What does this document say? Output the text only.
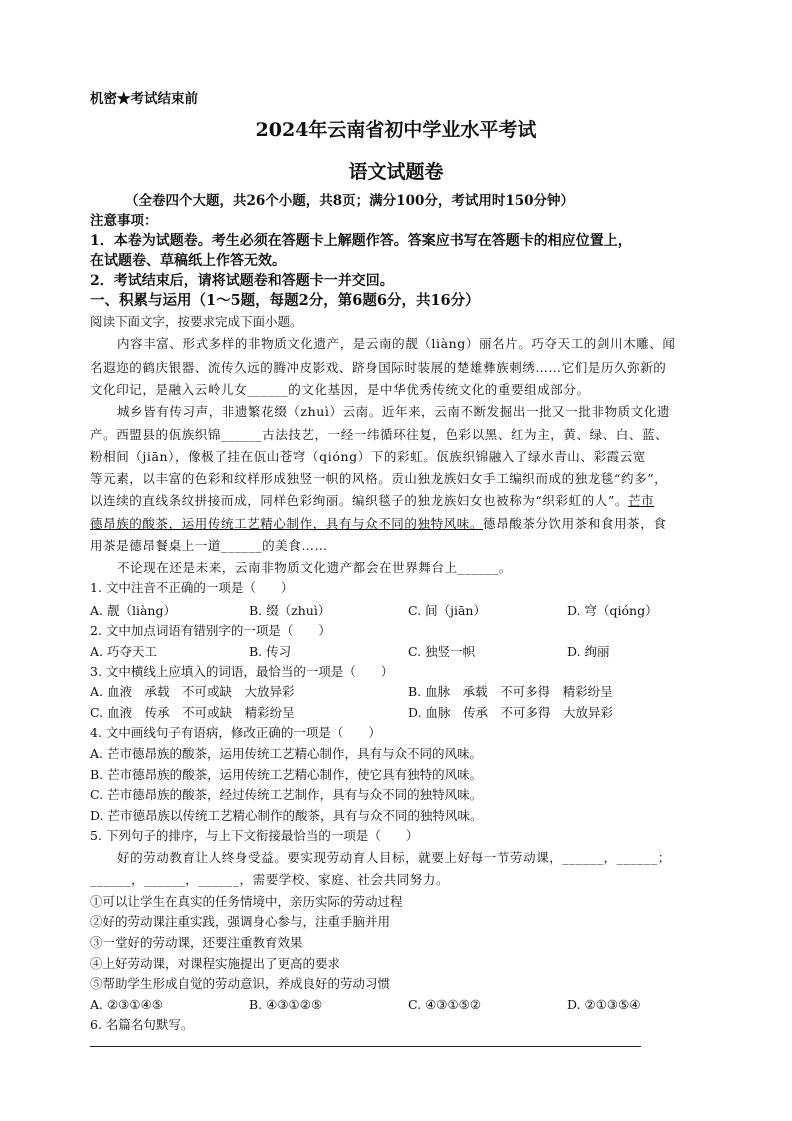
机密★考试结束前
2024年云南省初中学业水平考试
语文试题卷
（全卷四个大题，共26个小题，共8页；满分100分，考试用时150分钟）
注意事项：
1．本卷为试题卷。考生必须在答题卡上解题作答。答案应书写在答题卡的相应位置上，
在试题卷、草稿纸上作答无效。
2．考试结束后，请将试题卷和答题卡一并交回。
一、积累与运用（1～5题，每题2分，第6题6分，共16分）
阅读下面文字，按要求完成下面小题。
内容丰富、形式多样的非物质文化遗产，是云南的靓（liàng）丽名片。巧夺天工的剑川木雕、闻
名遐迩的鹤庆银器、流传久远的腾冲皮影戏、跻身国际时装展的楚雄彝族刺绣……它们是历久弥新的
文化印记，是融入云岭儿女______的文化基因，是中华优秀传统文化的重要组成部分。
城乡皆有传习声，非遗繁花缀（zhuì）云南。近年来，云南不断发掘出一批又一批非物质文化遗
产。西盟县的佤族织锦______古法技艺，一经一纬循环往复，色彩以黑、红为主，黄、绿、白、蓝、
粉相间（jiān），像极了挂在佤山苍穹（qióng）下的彩虹。佤族织锦融入了绿水青山、彩霞云宽
等元素，以丰富的色彩和纹样形成独竖一帜的风格。贡山独龙族妇女手工编织而成的独龙毯“约多”，
以连续的直线条纹拼接而成，同样色彩绚丽。编织毯子的独龙族妇女也被称为“织彩虹的人”。芒市
德昂族的酸茶，运用传统工艺精心制作，具有与众不同的独特风味。德昂酸茶分饮用茶和食用茶，食
用茶是德昂餐桌上一道______的美食……
不论现在还是未来，云南非物质文化遗产都会在世界舞台上______。
1. 文中注音不正确的一项是（　　）
A. 靓（liàng）	B. 缀（zhuì）	C. 间（jiān）	D. 穹（qióng）
2. 文中加点词语有错别字的一项是（　　）
A. 巧夺天工	B. 传习	C. 独竖一帜	D. 绚丽
3. 文中横线上应填入的词语，最恰当的一项是（　　）
A. 血液　承载　不可或缺　大放异彩	B. 血脉　承载　不可多得　精彩纷呈
C. 血液　传承　不可或缺　精彩纷呈	D. 血脉　传承　不可多得　大放异彩
4. 文中画线句子有语病，修改正确的一项是（　　）
A. 芒市德昂族的酸茶，运用传统工艺精心制作，具有与众不同的风味。
B. 芒市德昂族的酸茶，运用传统工艺精心制作，使它具有独特的风味。
C. 芒市德昂族的酸茶，经过传统工艺制作，具有与众不同的独特风味。
D. 芒市德昂族以传统工艺精心制作的酸茶，具有与众不同的独特风味。
5. 下列句子的排序，与上下文衔接最恰当的一项是（　　）
好的劳动教育让人终身受益。要实现劳动育人目标，就要上好每一节劳动课，______，______；
______，______，______，需要学校、家庭、社会共同努力。
①可以让学生在真实的任务情境中，亲历实际的劳动过程
②好的劳动课注重实践，强调身心参与，注重手脑并用
③一堂好的劳动课，还要注重教育效果
④上好劳动课，对课程实施提出了更高的要求
⑤帮助学生形成自觉的劳动意识，养成良好的劳动习惯
A. ②③①④⑤	B. ④③①②⑤	C. ④③①⑤②	D. ②①③⑤④
6. 名篇名句默写。
